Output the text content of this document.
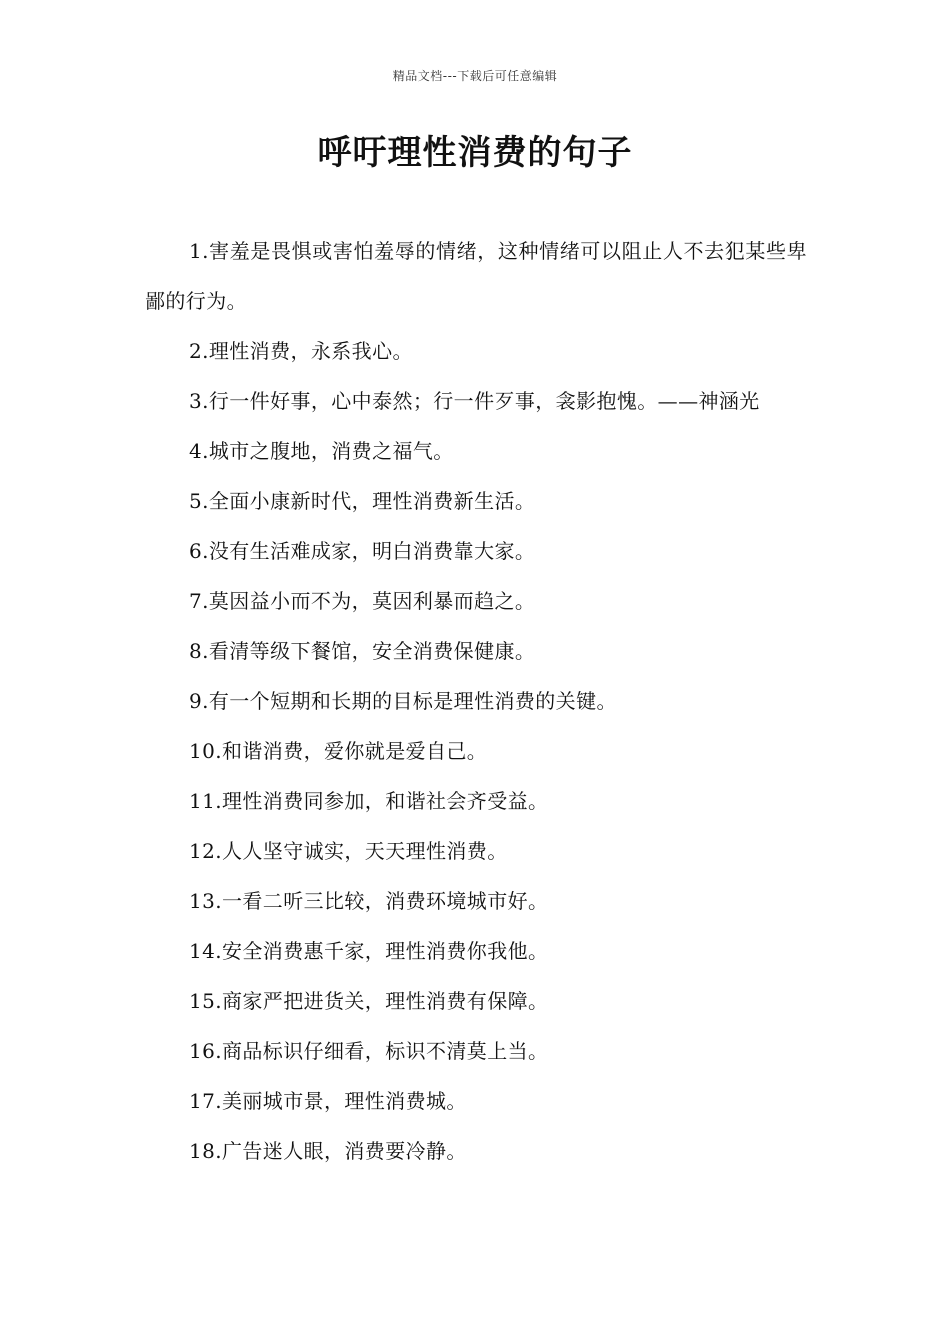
精品文档---下载后可任意编辑
呼吁理性消费的句子

1.害羞是畏惧或害怕羞辱的情绪，这种情绪可以阻止人不去犯某些卑鄙的行为。

2.理性消费，永系我心。

3.行一件好事，心中泰然；行一件歹事，衾影抱愧。——神涵光

4.城市之腹地，消费之福气。

5.全面小康新时代，理性消费新生活。

6.没有生活难成家，明白消费靠大家。

7.莫因益小而不为，莫因利暴而趋之。

8.看清等级下餐馆，安全消费保健康。

9.有一个短期和长期的目标是理性消费的关键。

10.和谐消费，爱你就是爱自己。

11.理性消费同参加，和谐社会齐受益。

12.人人坚守诚实，天天理性消费。

13.一看二听三比较，消费环境城市好。

14.安全消费惠千家，理性消费你我他。

15.商家严把进货关，理性消费有保障。

16.商品标识仔细看，标识不清莫上当。

17.美丽城市景，理性消费城。

18.广告迷人眼，消费要冷静。
